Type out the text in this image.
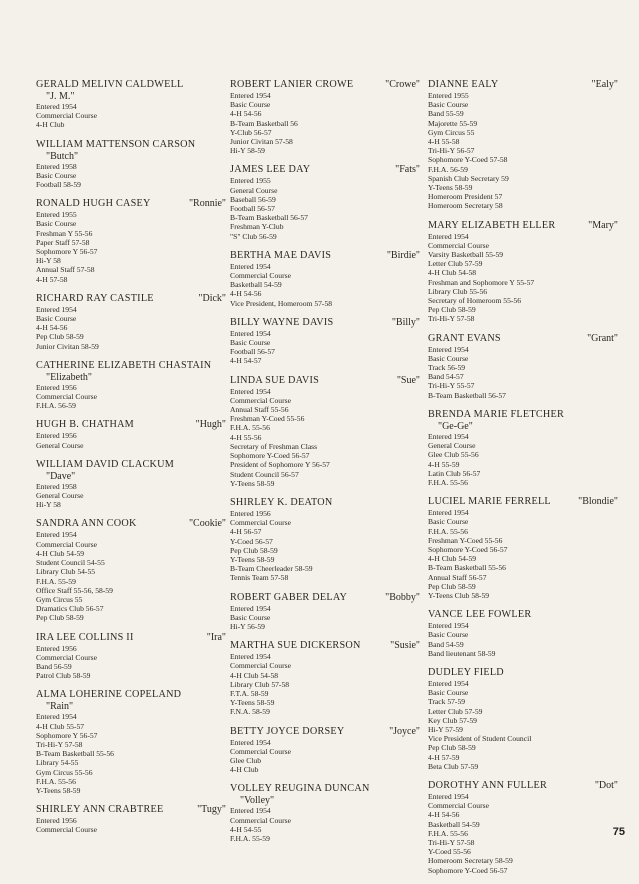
GERALD MELIVN CALDWELL
"J. M."
Entered 1954
Commercial Course
4-H Club
WILLIAM MATTENSON CARSON
"Butch"
Entered 1958
Basic Course
Football 58-59
RONALD HUGH CASEY	"Ronnie"
Entered 1955
Basic Course
Freshman Y 55-56
Paper Staff 57-58
Sophomore Y 56-57
Hi-Y 58
Annual Staff 57-58
4-H 57-58
RICHARD RAY CASTILE	"Dick"
Entered 1954
Basic Course
4-H 54-56
Pep Club 58-59
Junior Civitan 58-59
CATHERINE ELIZABETH CHASTAIN
"Elizabeth"
Entered 1956
Commercial Course
F.H.A. 56-59
HUGH B. CHATHAM	"Hugh"
Entered 1956
General Course
WILLIAM DAVID CLACKUM
"Dave"
Entered 1958
General Course
Hi-Y 58
SANDRA ANN COOK	"Cookie"
Entered 1954
Commercial Course
4-H Club 54-59
Student Council 54-55
Library Club 54-55
F.H.A. 55-59
Office Staff 55-56, 58-59
Gym Circus 55
Dramatics Club 56-57
Pep Club 58-59
IRA LEE COLLINS II	"Ira"
Entered 1956
Commercial Course
Band 56-59
Patrol Club 58-59
ALMA LOHERINE COPELAND
"Rain"
Entered 1954
4-H Club 55-57
Sophomore Y 56-57
Tri-Hi-Y 57-58
B-Team Basketball 55-56
Library 54-55
Gym Circus 55-56
F.H.A. 55-56
Y-Teens 58-59
SHIRLEY ANN CRABTREE	"Tugy"
Entered 1956
Commercial Course
ROBERT LANIER CROWE	"Crowe"
Entered 1954
Basic Course
4-H 54-56
B-Team Basketball 56
Y-Club 56-57
Junior Civitan 57-58
Hi-Y 58-59
JAMES LEE DAY	"Fats"
Entered 1955
General Course
Baseball 56-59
Football 56-57
B-Team Basketball 56-57
Freshman Y-Club
"S" Club 56-59
BERTHA MAE DAVIS	"Birdie"
Entered 1954
Commercial Course
Basketball 54-59
4-H 54-56
Vice President, Homeroom 57-58
BILLY WAYNE DAVIS	"Billy"
Entered 1954
Basic Course
Football 56-57
4-H 54-57
LINDA SUE DAVIS	"Sue"
Entered 1954
Commercial Course
Annual Staff 55-56
Freshman Y-Coed 55-56
F.H.A. 55-56
4-H 55-56
Secretary of Freshman Class
Sophomore Y-Coed 56-57
President of Sophomore Y 56-57
Student Council 56-57
Y-Teens 58-59
SHIRLEY K. DEATON
Entered 1956
Commercial Course
4-H 56-57
Y-Coed 56-57
Pep Club 58-59
Y-Teens 58-59
B-Team Cheerleader 58-59
Tennis Team 57-58
ROBERT GABER DELAY	"Bobby"
Entered 1954
Basic Course
Hi-Y 56-59
MARTHA SUE DICKERSON	"Susie"
Entered 1954
Commercial Course
4-H Club 54-58
Library Club 57-58
F.T.A. 58-59
Y-Teens 58-59
F.N.A. 58-59
BETTY JOYCE DORSEY	"Joyce"
Entered 1954
Commercial Course
Glee Club
4-H Club
VOLLEY REUGINA DUNCAN
"Volley"
Entered 1954
Commercial Course
4-H 54-55
F.H.A. 55-59
DIANNE EALY	"Ealy"
Entered 1955
Basic Course
Band 55-59
Majorette 55-59
Gym Circus 55
4-H 55-58
Tri-Hi-Y 56-57
Sophomore Y-Coed 57-58
F.H.A. 56-59
Spanish Club Secretary 59
Y-Teens 58-59
Homeroom President 57
Homeroom Secretary 58
MARY ELIZABETH ELLER	"Mary"
Entered 1954
Commercial Course
Varsity Basketball 55-59
Letter Club 57-59
4-H Club 54-58
Freshman and Sophomore Y 55-57
Library Club 55-56
Secretary of Homeroom 55-56
Pep Club 58-59
Tri-Hi-Y 57-58
GRANT EVANS	"Grant"
Entered 1954
Basic Course
Track 56-59
Band 54-57
Tri-Hi-Y 55-57
B-Team Basketball 56-57
BRENDA MARIE FLETCHER
"Ge-Ge"
Entered 1954
General Course
Glee Club 55-56
4-H 55-59
Latin Club 56-57
F.H.A. 55-56
LUCIEL MARIE FERRELL	"Blondie"
Entered 1954
Basic Course
F.H.A. 55-56
Freshman Y-Coed 55-56
Sophomore Y-Coed 56-57
4-H Club 54-59
B-Team Basketball 55-56
Annual Staff 56-57
Pep Club 58-59
Y-Teens Club 58-59
VANCE LEE FOWLER
Entered 1954
Basic Course
Band 54-59
Band lieutenant 58-59
DUDLEY FIELD
Entered 1954
Basic Course
Track 57-59
Letter Club 57-59
Key Club 57-59
Hi-Y 57-59
Vice President of Student Council
Pep Club 58-59
4-H 57-59
Beta Club 57-59
DOROTHY ANN FULLER	"Dot"
Entered 1954
Commercial Course
4-H 54-56
Basketball 54-59
F.H.A. 55-56
Tri-Hi-Y 57-58
Y-Coed 55-56
Homeroom Secretary 58-59
Sophomore Y-Coed 56-57
75
